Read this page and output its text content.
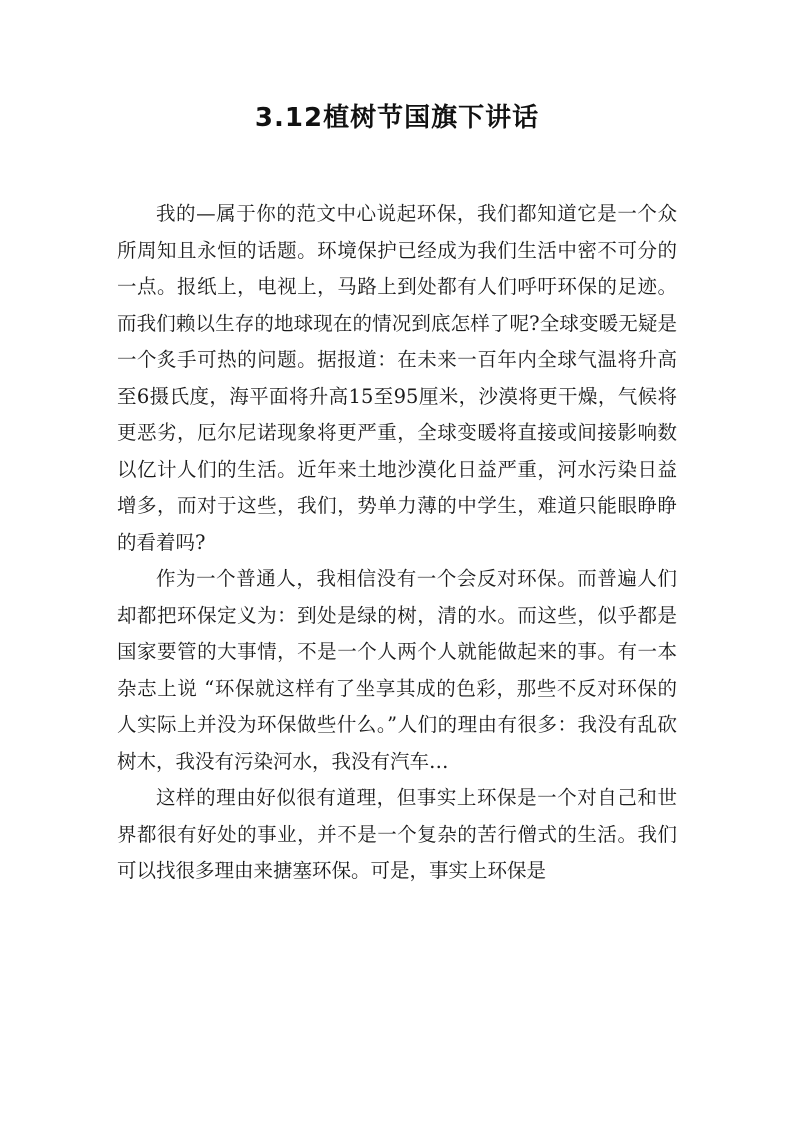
3.12植树节国旗下讲话

我的—属于你的范文中心说起环保，我们都知道它是一个众所周知且永恒的话题。环境保护已经成为我们生活中密不可分的一点。报纸上，电视上，马路上到处都有人们呼吁环保的足迹。而我们赖以生存的地球现在的情况到底怎样了呢?全球变暖无疑是一个炙手可热的问题。据报道：在未来一百年内全球气温将升高至6摄氏度，海平面将升高15至95厘米，沙漠将更干燥，气候将更恶劣，厄尔尼诺现象将更严重，全球变暖将直接或间接影响数以亿计人们的生活。近年来土地沙漠化日益严重，河水污染日益增多，而对于这些，我们，势单力薄的中学生，难道只能眼睁睁的看着吗?

作为一个普通人，我相信没有一个会反对环保。而普遍人们却都把环保定义为：到处是绿的树，清的水。而这些，似乎都是国家要管的大事情，不是一个人两个人就能做起来的事。有一本杂志上说 “环保就这样有了坐享其成的色彩，那些不反对环保的人实际上并没为环保做些什么。”人们的理由有很多：我没有乱砍树木，我没有污染河水，我没有汽车…

这样的理由好似很有道理，但事实上环保是一个对自己和世界都很有好处的事业，并不是一个复杂的苦行僧式的生活。我们可以找很多理由来搪塞环保。可是，事实上环保是
